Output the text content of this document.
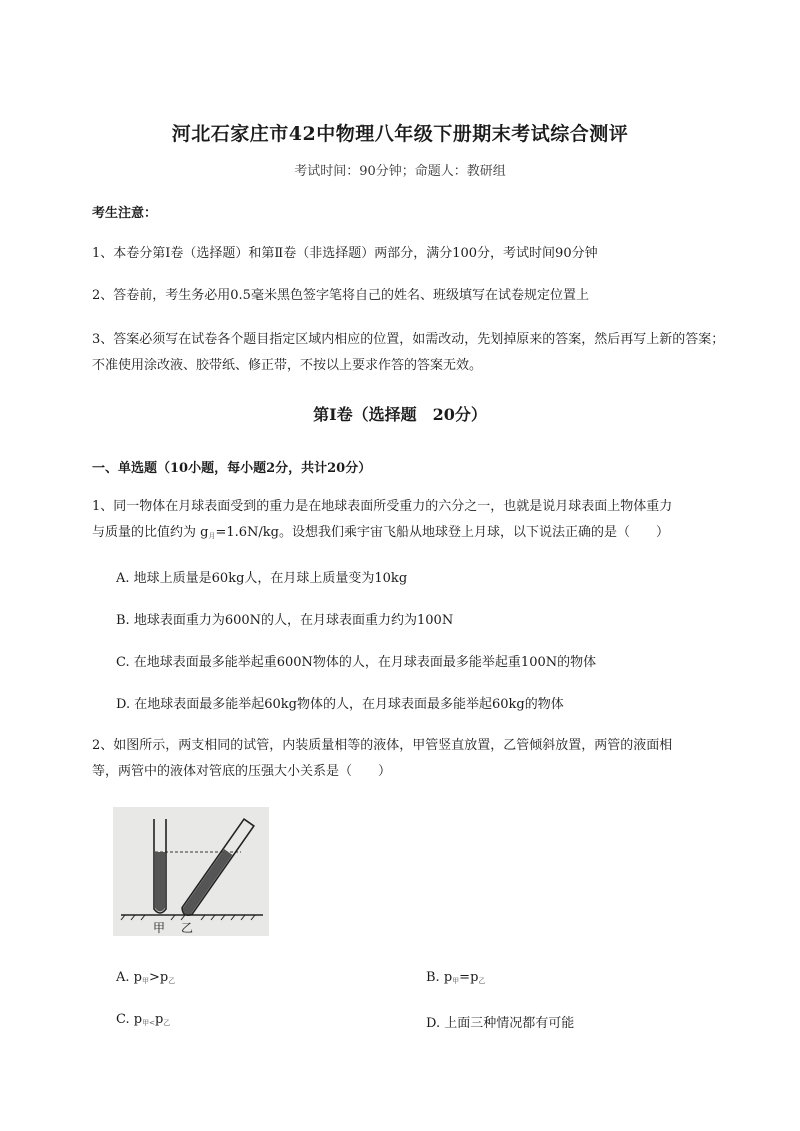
河北石家庄市42中物理八年级下册期末考试综合测评
考试时间：90分钟；命题人：教研组
考生注意：
1、本卷分第I卷（选择题）和第Ⅱ卷（非选择题）两部分，满分100分，考试时间90分钟
2、答卷前，考生务必用0.5毫米黑色签字笔将自己的姓名、班级填写在试卷规定位置上
3、答案必须写在试卷各个题目指定区域内相应的位置，如需改动，先划掉原来的答案，然后再写上新的答案；不准使用涂改液、胶带纸、修正带，不按以上要求作答的答案无效。
第I卷（选择题　20分）
一、单选题（10小题，每小题2分，共计20分）
1、同一物体在月球表面受到的重力是在地球表面所受重力的六分之一，也就是说月球表面上物体重力
与质量的比值约为 $g_月=1.6N/kg$。设想我们乘宇宙飞船从地球登上月球，以下说法正确的是（　　）
A. 地球上质量是60kg人，在月球上质量变为10kg
B. 地球表面重力为600N的人，在月球表面重力约为100N
C. 在地球表面最多能举起重600N物体的人，在月球表面最多能举起重100N的物体
D. 在地球表面最多能举起60kg物体的人，在月球表面最多能举起60kg的物体
2、如图所示，两支相同的试管，内装质量相等的液体，甲管竖直放置，乙管倾斜放置，两管的液面相
等，两管中的液体对管底的压强大小关系是（　　）
甲 乙
A. $p_甲>p_乙$	B. $p_甲=p_乙$
C. $p_{甲<}p_乙$	D. 上面三种情况都有可能
